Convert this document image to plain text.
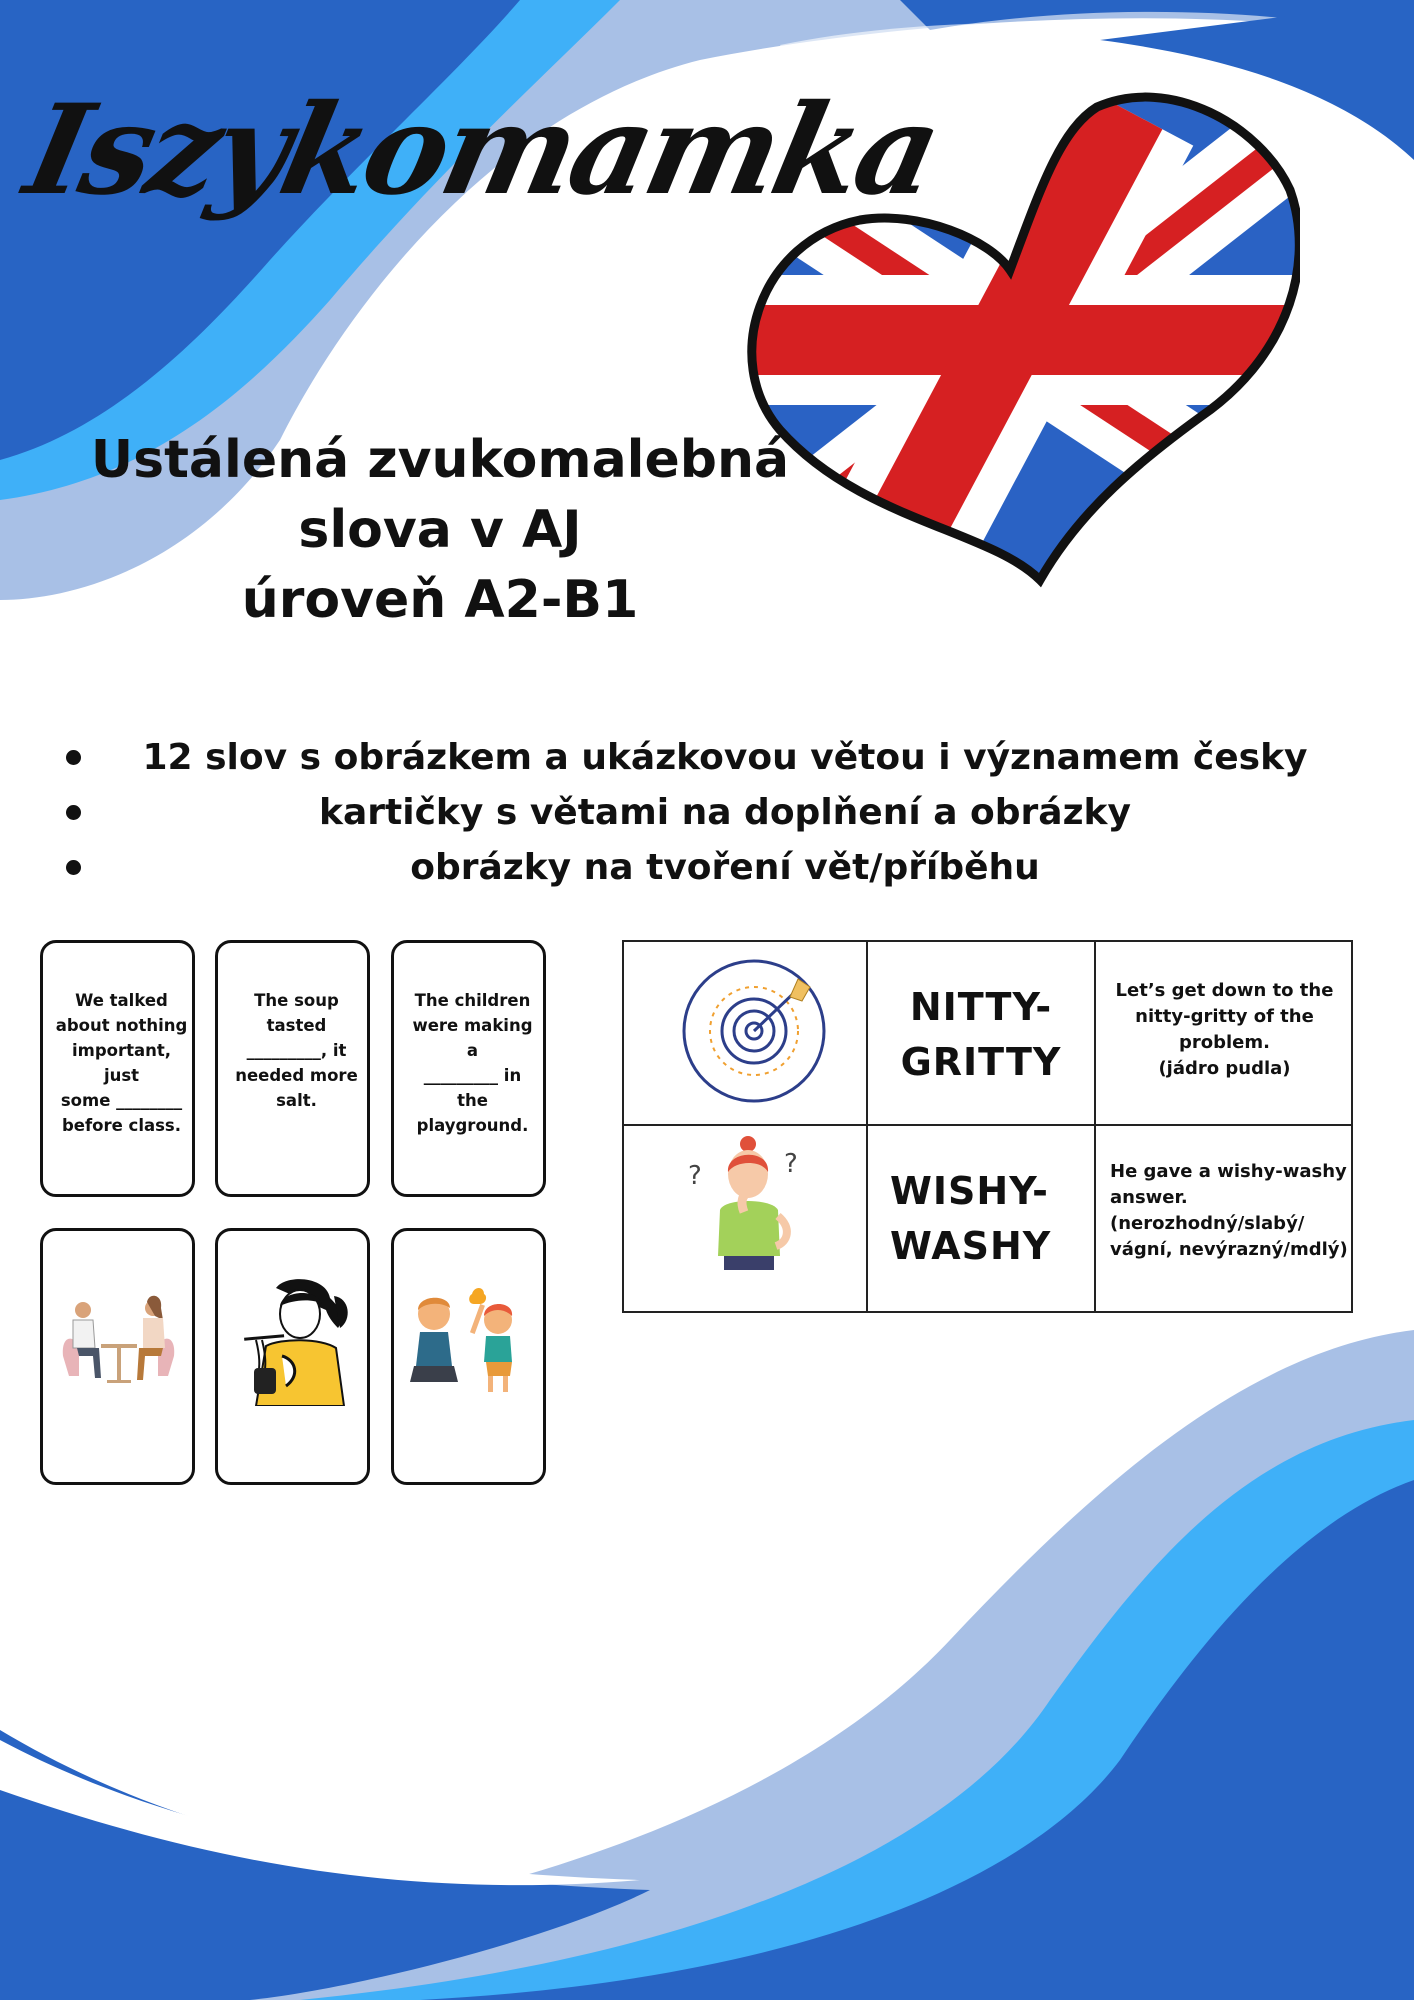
Iszykomamka
Ustálená zvukomalebná
slova v AJ
úroveň A2-B1
12 slov s obrázkem a ukázkovou větou i významem česky
kartičky s větami na doplňení a obrázky
obrázky na tvoření vět/příběhu
We talked
about nothing
important, just
some ________
before class.
The soup
tasted
_________, it
needed more
salt.
The children
were making a
_________ in the
playground.
NITTY-
GRITTY
Let’s get down to the
nitty-gritty of the
problem.
(jádro pudla)
?	?
WISHY-
WASHY
He gave a wishy-washy
answer.
(nerozhodný/slabý/
vágní, nevýrazný/mdlý)
